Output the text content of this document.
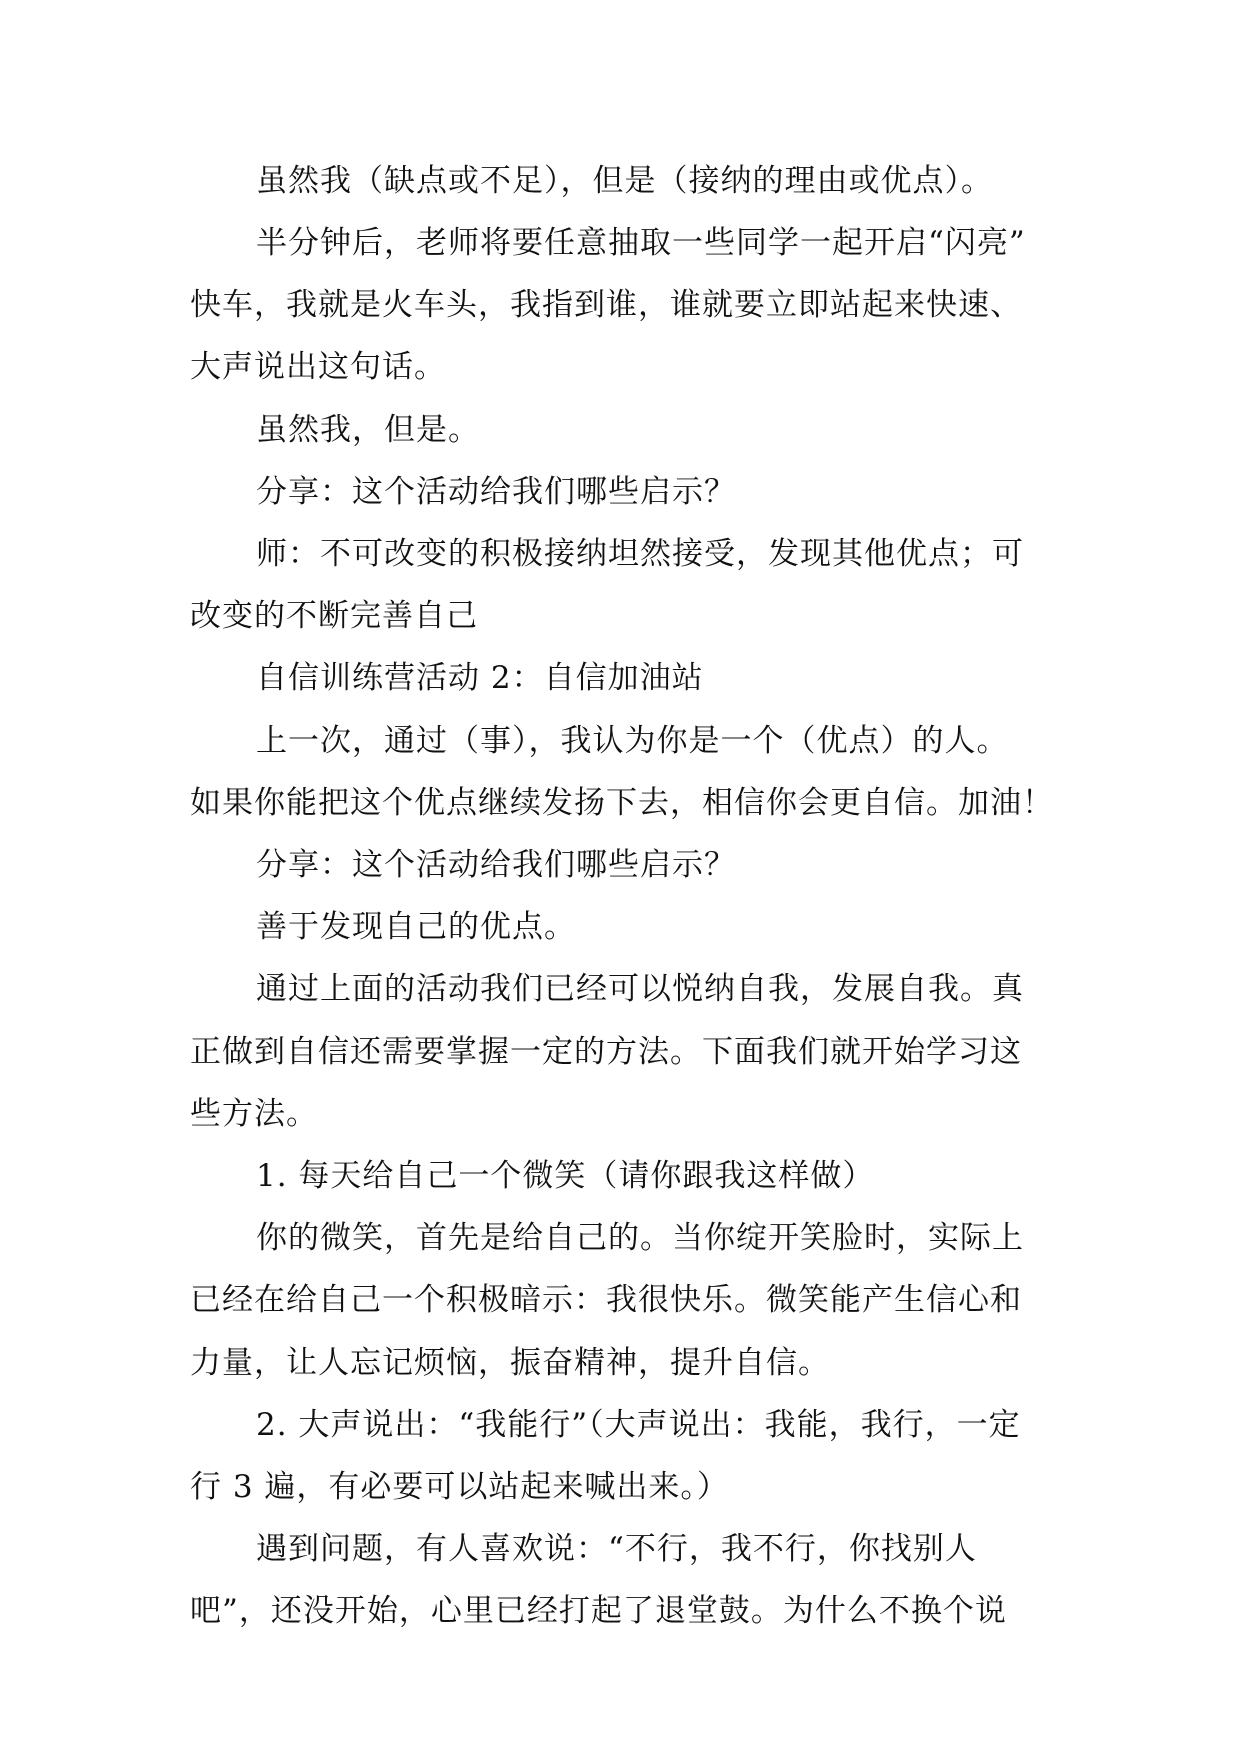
虽然我（缺点或不足），但是（接纳的理由或优点）。
半分钟后，老师将要任意抽取一些同学一起开启“闪亮”
快车，我就是火车头，我指到谁，谁就要立即站起来快速、
大声说出这句话。
虽然我，但是。
分享：这个活动给我们哪些启示？
师：不可改变的积极接纳坦然接受，发现其他优点；可
改变的不断完善自己
自信训练营活动 2：自信加油站
上一次，通过（事），我认为你是一个（优点）的人。
如果你能把这个优点继续发扬下去，相信你会更自信。加油！
分享：这个活动给我们哪些启示？
善于发现自己的优点。
通过上面的活动我们已经可以悦纳自我，发展自我。真
正做到自信还需要掌握一定的方法。下面我们就开始学习这
些方法。
1. 每天给自己一个微笑（请你跟我这样做）
你的微笑，首先是给自己的。当你绽开笑脸时，实际上
已经在给自己一个积极暗示：我很快乐。微笑能产生信心和
力量，让人忘记烦恼，振奋精神，提升自信。
2. 大声说出：“我能行”（大声说出：我能，我行，一定
行 3 遍，有必要可以站起来喊出来。）
遇到问题，有人喜欢说：“不行，我不行，你找别人
吧”，还没开始，心里已经打起了退堂鼓。为什么不换个说
